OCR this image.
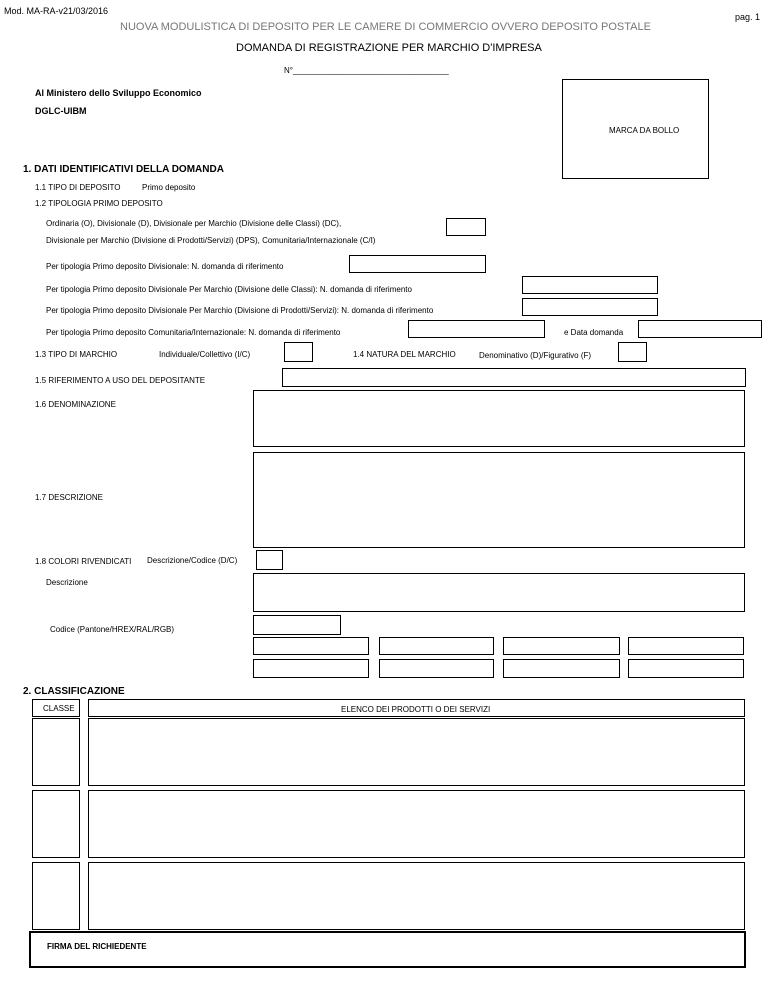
Mod. MA-RA-v21/03/2016
pag. 1
NUOVA MODULISTICA DI DEPOSITO PER LE CAMERE DI COMMERCIO OVVERO DEPOSITO POSTALE
DOMANDA DI REGISTRAZIONE PER MARCHIO D'IMPRESA
N°___________________________________
Al Ministero dello Sviluppo Economico
DGLC-UIBM
MARCA DA BOLLO
1. DATI IDENTIFICATIVI DELLA DOMANDA
1.1 TIPO DI DEPOSITO	Primo deposito
1.2 TIPOLOGIA PRIMO DEPOSITO
Ordinaria (O), Divisionale (D), Divisionale per Marchio (Divisione delle Classi) (DC),
Divisionale per Marchio (Divisione di Prodotti/Servizi) (DPS), Comunitaria/Internazionale (C/I)
Per tipologia Primo deposito Divisionale: N. domanda di riferimento
Per tipologia Primo deposito Divisionale Per Marchio (Divisione delle Classi): N. domanda di riferimento
Per tipologia Primo deposito Divisionale Per Marchio (Divisione di Prodotti/Servizi): N. domanda di riferimento
Per tipologia Primo deposito Comunitaria/Internazionale: N. domanda di riferimento	e Data domanda
1.3 TIPO DI MARCHIO	Individuale/Collettivo (I/C)	1.4 NATURA DEL MARCHIO	Denominativo (D)/Figurativo (F)
1.5 RIFERIMENTO A USO DEL DEPOSITANTE
1.6 DENOMINAZIONE
1.7 DESCRIZIONE
1.8 COLORI RIVENDICATI Descrizione/Codice (D/C)
Descrizione
Codice (Pantone/HREX/RAL/RGB)
2. CLASSIFICAZIONE
CLASSE	ELENCO DEI PRODOTTI O DEI SERVIZI
FIRMA DEL RICHIEDENTE
